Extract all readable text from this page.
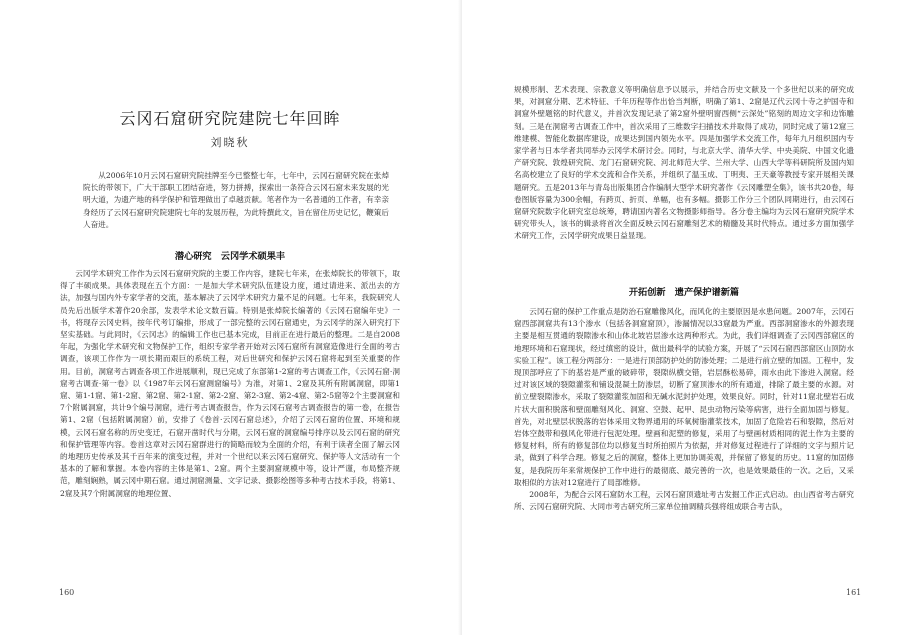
云冈石窟研究院建院七年回眸
刘晓秋

从2006年10月云冈石窟研究院挂牌至今已整整七年，七年中，云冈石窟研究院在张焯院长的带领下，广大干部职工团结奋进，努力拼搏，探索出一条符合云冈石窟未来发展的光明大道，为遗产地的科学保护和管理做出了卓越贡献。笔者作为一名普通的工作者，有幸亲身经历了云冈石窟研究院建院七年的发展历程，为此特撰此文，旨在留住历史记忆，鞭策后人奋进。

潜心研究　云冈学术硕果丰

云冈学术研究工作作为云冈石窟研究院的主要工作内容，建院七年来，在张焯院长的带领下，取得了丰硕成果。具体表现在五个方面：一是加大学术研究队伍建设力度，通过请进来、派出去的方法，加强与国内外专家学者的交流，基本解决了云冈学术研究力量不足的问题。七年来，我院研究人员先后出版学术著作20余部，发表学术论文数百篇。特别是张焯院长编著的《云冈石窟编年史》一书，将现存云冈史料，按年代考订编排，形成了一部完整的云冈石窟通史，为云冈学的深入研究打下坚实基础。与此同时，《云冈志》的编辑工作也已基本完成，目前正在进行最后的整理。二是自2008年起，为强化学术研究和文物保护工作，组织专家学者开始对云冈石窟所有洞窟造像进行全面的考古调查，该项工作作为一项长期而艰巨的系统工程，对后世研究和保护云冈石窟将起到至关重要的作用。目前，洞窟考古调查各项工作进展顺利，现已完成了东部第1-2窟的考古调查工作，《云冈石窟·洞窟考古调查·第一卷》以《1987年云冈石窟测窟编号》为准，对第1、2窟及其所有附属洞窟，即第1窟、第1-1窟、第1-2窟、第2窟、第2-1窟、第2-2窟、第2-3窟、第2-4窟、第2-5窟等2个主要洞窟和7个附属洞窟，共计9个编号洞窟，进行考古调查报告，作为云冈石窟考古调查报告的第一卷，在报告第1、2窟（包括附属洞窟）前，安排了《卷首·云冈石窟总述》，介绍了云冈石窟的位置、环境和规模，云冈石窟名称的历史变迁，石窟开凿时代与分期，云冈石窟的洞窟编号排序以及云冈石窟的研究和保护管理等内容。卷首这章对云冈石窟群进行的简略而较为全面的介绍，有利于读者全面了解云冈的地理历史传承及其千百年来的演变过程，并对一个世纪以来云冈石窟研究、保护等人文活动有一个基本的了解和掌握。本卷内容的主体是第1、2窟。两个主要洞窟规模中等，设计严谨，布局整齐规范，雕刻娴熟，属云冈中期石窟。通过洞窟测量、文字记录、摄影绘图等多种考古技术手段，将第1、2窟及其7个附属洞窟的地理位置、

160

规模形制、艺术表现、宗教意义等明确信息予以展示，并结合历史文献及一个多世纪以来的研究成果，对洞窟分期、艺术特征、千年历程等作出恰当判断，明确了第1、2窟是辽代云冈十寺之护国寺和洞窟外壁题铭的时代意义，并首次发现记录了第2窟外壁明窗西侧“云深处”铭刻的周边文字和边饰雕刻。三是在洞窟考古调查工作中，首次采用了三维数字扫描技术并取得了成功，同时完成了第12窟三维建模、智能化数据库建设，成果达到国内领先水平。四是加强学术交流工作，每年九月组织国内专家学者与日本学者共同举办云冈学术研讨会。同时，与北京大学、清华大学、中央美院、中国文化遗产研究院、敦煌研究院、龙门石窟研究院、河北师范大学、兰州大学、山西大学等科研院所及国内知名高校建立了良好的学术交流和合作关系，并组织了温玉成、丁明夷、王天豪等教授专家开展相关课题研究。五是2013年与青岛出版集团合作编制大型学术研究著作《云冈雕塑全集》，该书共20卷，每卷图版容量为300余幅，有跨页、折页、单幅，也有多幅。摄影工作分三个团队同期进行，由云冈石窟研究院数字化研究室总统筹，聘请国内著名文物摄影师指导。各分卷主编均为云冈石窟研究院学术研究带头人，该书的辑录将首次全面反映云冈石窟雕刻艺术的精髓及其时代特点。通过多方面加强学术研究工作，云冈学研究成果日益显现。

开拓创新　遗产保护谱新篇

云冈石窟的保护工作重点是防治石窟雕像风化，而风化的主要原因是水患问题。2007年，云冈石窟西部洞窟共有13个渗水（包括各洞窟窟顶），渗漏情况以33窟最为严重。西部洞窟渗水的外源表现主要是相互贯通的裂隙渗水和山体北坡岩层渗水这两种形式。为此，我们详细调查了云冈西部窟区的地理环境和石窟现状，经过缜密的设计，做出最科学的试验方案，开展了“云冈石窟西部窟区山顶防水实验工程”。该工程分两部分：一是进行顶部防护处的防渗处理；二是进行前立壁的加固。工程中，发现顶部呼应了下的基岩是严重的破碎带，裂隙纵横交错，岩层酥松易碎，雨水由此下渗进入洞窟。经过对该区域的裂隙灌浆和铺设混凝土防渗层，切断了窟顶渗水的所有通道，排除了最主要的水源。对前立壁裂隙渗水，采取了裂隙灌浆加固和无碱水泥封护处理，效果良好。同时，针对11窟北壁岩石成片状大面积脱落和壁面雕刻风化、洞窟、空鼓、起甲、昆虫动物污染等病害，进行全面加固与修复。首先，对北壁层状脱落的岩体采用文物界通用的环氧树脂灌浆技术，加固了危险岩石和裂隙，然后对岩体空鼓带和强风化带进行包泥处理。壁画和泥塑的修复，采用了与壁画材质相同的泥土作为主要的修复材料，所有的修复部位均以修复当时所拍照片为依据，并对修复过程进行了详细的文字与照片记录，做到了科学合理。修复之后的洞窟，整体上更加协调美观，并保留了修复的历史。11窟的加固修复，是我院历年来常规保护工作中进行的最彻底、最完善的一次，也是效果最佳的一次。之后，又采取相似的方法对12窟进行了局部维修。

2008年，为配合云冈石窟防水工程，云冈石窟顶遗址考古发掘工作正式启动。由山西省考古研究所、云冈石窟研究院、大同市考古研究所三家单位抽调精兵强将组成联合考古队，

161
